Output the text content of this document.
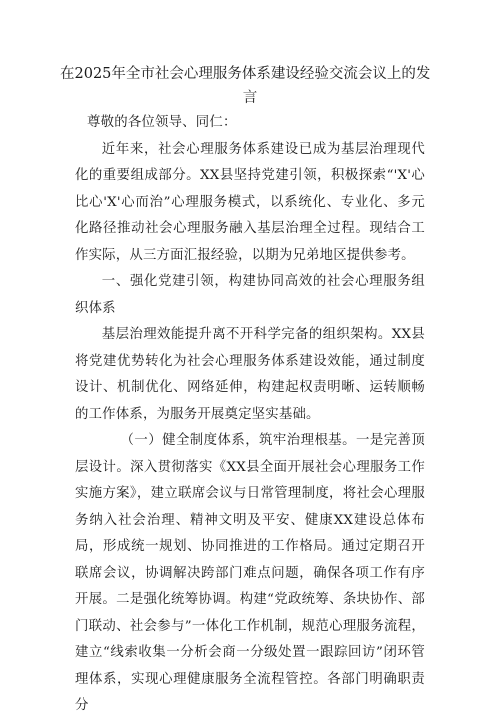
在2025年全市社会心理服务体系建设经验交流会议上的发
言

尊敬的各位领导、同仁：

近年来，社会心理服务体系建设已成为基层治理现代化的重要组成部分。XX县坚持党建引领，积极探索“'X'心比心'X'心而治”心理服务模式，以系统化、专业化、多元化路径推动社会心理服务融入基层治理全过程。现结合工作实际，从三方面汇报经验，以期为兄弟地区提供参考。

一、强化党建引领，构建协同高效的社会心理服务组织体系

基层治理效能提升离不开科学完备的组织架构。XX县将党建优势转化为社会心理服务体系建设效能，通过制度设计、机制优化、网络延伸，构建起权责明晰、运转顺畅的工作体系，为服务开展奠定坚实基础。

（一）健全制度体系，筑牢治理根基。一是完善顶层设计。深入贯彻落实《XX县全面开展社会心理服务工作实施方案》，建立联席会议与日常管理制度，将社会心理服务纳入社会治理、精神文明及平安、健康XX建设总体布局，形成统一规划、协同推进的工作格局。通过定期召开联席会议，协调解决跨部门难点问题，确保各项工作有序开展。二是强化统筹协调。构建“党政统筹、条块协作、部门联动、社会参与”一体化工作机制，规范心理服务流程，建立“线索收集一分析会商一分级处置一跟踪回访”闭环管理体系，实现心理健康服务全流程管控。各部门明确职责分
